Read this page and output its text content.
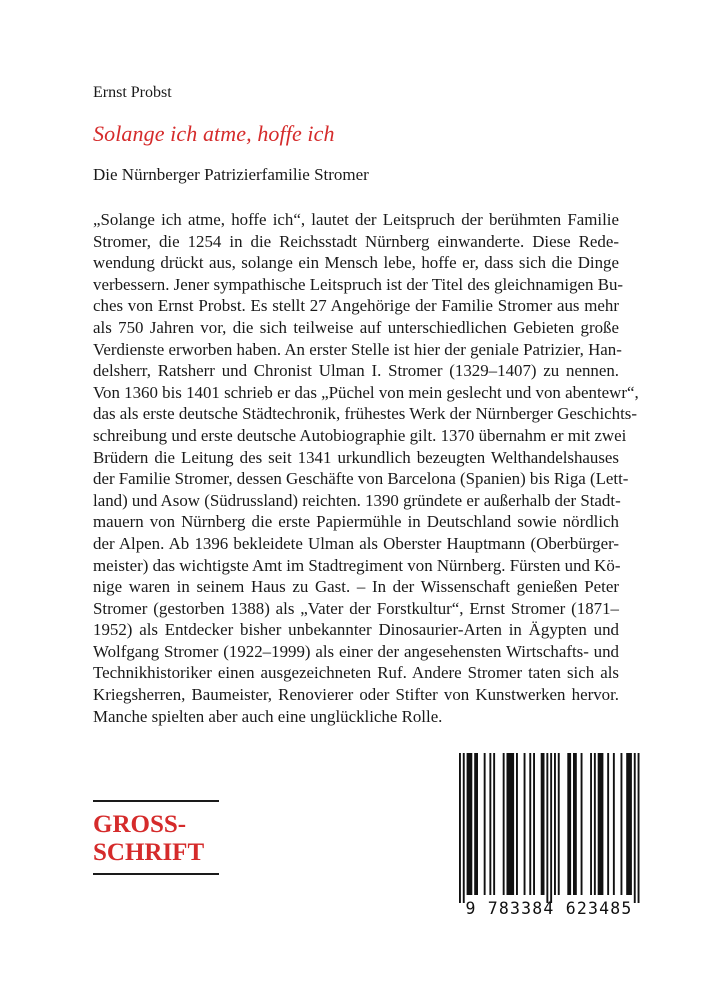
Ernst Probst

Solange ich atme, hoffe ich

Die Nürnberger Patrizierfamilie Stromer

„Solange ich atme, hoffe ich“, lautet der Leitspruch der berühmten Familie
Stromer, die 1254 in die Reichsstadt Nürnberg einwanderte. Diese Rede-
wendung drückt aus, solange ein Mensch lebe, hoffe er, dass sich die Dinge
verbessern. Jener sympathische Leitspruch ist der Titel des gleichnamigen Bu-
ches von Ernst Probst. Es stellt 27 Angehörige der Familie Stromer aus mehr
als 750 Jahren vor, die sich teilweise auf unterschiedlichen Gebieten große
Verdienste erworben haben. An erster Stelle ist hier der geniale Patrizier, Han-
delsherr, Ratsherr und Chronist Ulman I. Stromer (1329–1407) zu nennen.
Von 1360 bis 1401 schrieb er das „Püchel von mein geslecht und von abentewr“,
das als erste deutsche Städtechronik, frühestes Werk der Nürnberger Geschichts-
schreibung und erste deutsche Autobiographie gilt. 1370 übernahm er mit zwei
Brüdern die Leitung des seit 1341 urkundlich bezeugten Welthandelshauses
der Familie Stromer, dessen Geschäfte von Barcelona (Spanien) bis Riga (Lett-
land) und Asow (Südrussland) reichten. 1390 gründete er außerhalb der Stadt-
mauern von Nürnberg die erste Papiermühle in Deutschland sowie nördlich
der Alpen. Ab 1396 bekleidete Ulman als Oberster Hauptmann (Oberbürger-
meister) das wichtigste Amt im Stadtregiment von Nürnberg. Fürsten und Kö-
nige waren in seinem Haus zu Gast. – In der Wissenschaft genießen Peter
Stromer (gestorben 1388) als „Vater der Forstkultur“, Ernst Stromer (1871–
1952) als Entdecker bisher unbekannter Dinosaurier-Arten in Ägypten und
Wolfgang Stromer (1922–1999) als einer der angesehensten Wirtschafts- und
Technikhistoriker einen ausgezeichneten Ruf. Andere Stromer taten sich als
Kriegsherren, Baumeister, Renovierer oder Stifter von Kunstwerken hervor.
Manche spielten aber auch eine unglückliche Rolle.
GROSS-
SCHRIFT
9 783384 623485
